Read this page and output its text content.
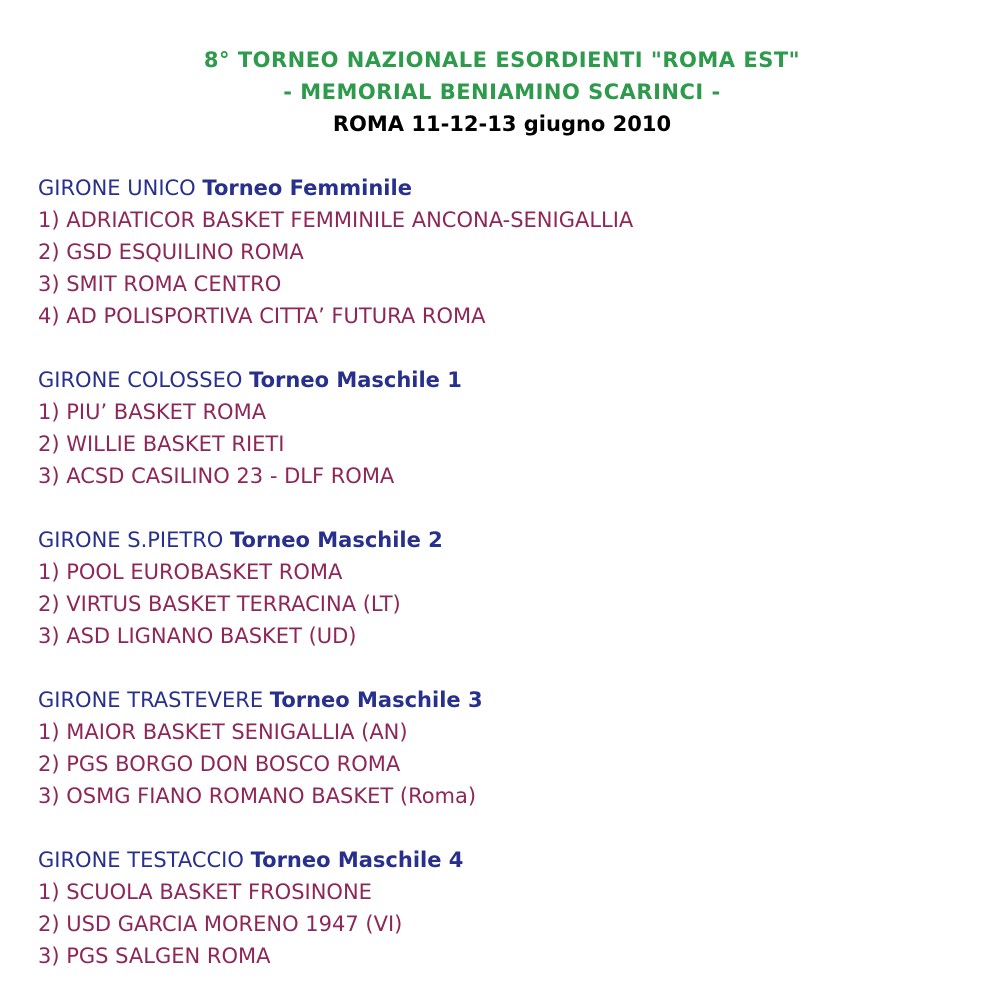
8° TORNEO NAZIONALE ESORDIENTI "ROMA EST"
- MEMORIAL BENIAMINO SCARINCI -
ROMA 11-12-13 giugno 2010
GIRONE UNICO Torneo Femminile
1) ADRIATICOR BASKET FEMMINILE ANCONA-SENIGALLIA
2) GSD ESQUILINO ROMA
3) SMIT ROMA CENTRO
4) AD POLISPORTIVA CITTA’ FUTURA ROMA
GIRONE COLOSSEO Torneo Maschile 1
1) PIU’ BASKET ROMA
2) WILLIE BASKET RIETI
3) ACSD CASILINO 23 - DLF ROMA
GIRONE S.PIETRO Torneo Maschile 2
1) POOL EUROBASKET ROMA
2) VIRTUS BASKET TERRACINA (LT)
3) ASD LIGNANO BASKET (UD)
GIRONE TRASTEVERE Torneo Maschile 3
1) MAIOR BASKET SENIGALLIA (AN)
2) PGS BORGO DON BOSCO ROMA
3) OSMG FIANO ROMANO BASKET (Roma)
GIRONE TESTACCIO Torneo Maschile 4
1) SCUOLA BASKET FROSINONE
2) USD GARCIA MORENO 1947 (VI)
3) PGS SALGEN ROMA
